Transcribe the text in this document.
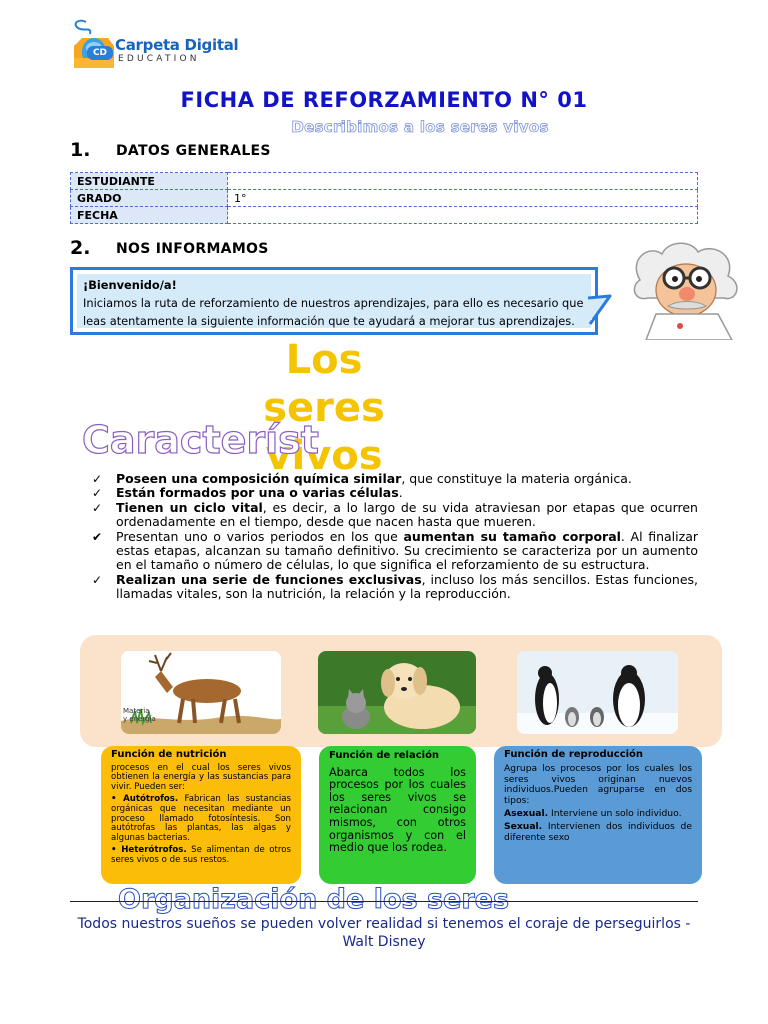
CD Carpeta Digital
EDUCATION
FICHA DE REFORZAMIENTO N° 01
Describimos a los seres vivos
1. DATOS GENERALES
ESTUDIANTE	
GRADO	1°
FECHA	
2. NOS INFORMAMOS
¡Bienvenido/a!
Iniciamos la ruta de reforzamiento de nuestros aprendizajes, para ello es necesario que leas atentamente la siguiente información que te ayudará a mejorar tus aprendizajes.
Los
seres
vivos
Característ
✓ Poseen una composición química similar, que constituye la materia orgánica.
✓ Están formados por una o varias células.
✓ Tienen un ciclo vital, es decir, a lo largo de su vida atraviesan por etapas que ocurren ordenadamente en el tiempo, desde que nacen hasta que mueren.
✔ Presentan uno o varios periodos en los que aumentan su tamaño corporal. Al finalizar estas etapas, alcanzan su tamaño definitivo. Su crecimiento se caracteriza por un aumento en el tamaño o número de células, lo que significa el reforzamiento de su estructura.
✓ Realizan una serie de funciones exclusivas, incluso los más sencillos. Estas funciones, llamadas vitales, son la nutrición, la relación y la reproducción.
Materia
y energía
Función de nutrición

procesos en el cual los seres vivos obtienen la energía y las sustancias para vivir. Pueden ser:

• Autótrofos. Fabrican las sustancias orgánicas que necesitan mediante un proceso llamado fotosíntesis. Son autótrofas las plantas, las algas y algunas bacterias.

• Heterótrofos. Se alimentan de otros seres vivos o de sus restos.

Función de relación

Abarca todos los procesos por los cuales los seres vivos se relacionan consigo mismos, con otros organismos y con el medio que los rodea.

Función de reproducción

Agrupa los procesos por los cuales los seres vivos originan nuevos individuos.Pueden agruparse en dos tipos:

Asexual. Interviene un solo individuo.

Sexual. Intervienen dos individuos de diferente sexo

Organización de los seres
Todos nuestros sueños se pueden volver realidad si tenemos el coraje de perseguirlos - Walt Disney
